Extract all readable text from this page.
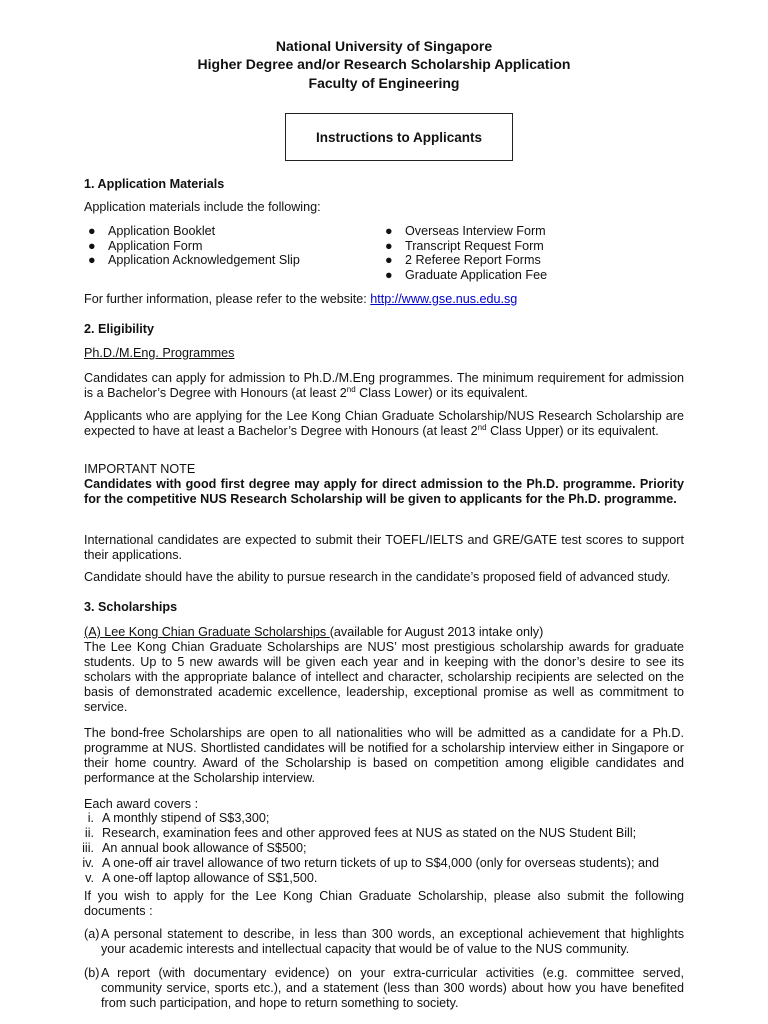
National University of Singapore
Higher Degree and/or Research Scholarship Application
Faculty of Engineering
Instructions to Applicants
1. Application Materials
Application materials include the following:
● Application Booklet
● Application Form
● Application Acknowledgement Slip
● Overseas Interview Form
● Transcript Request Form
● 2 Referee Report Forms
● Graduate Application Fee
For further information, please refer to the website: http://www.gse.nus.edu.sg
2. Eligibility
Ph.D./M.Eng. Programmes
Candidates can apply for admission to Ph.D./M.Eng programmes. The minimum requirement for admission is a Bachelor’s Degree with Honours (at least 2nd Class Lower) or its equivalent.
Applicants who are applying for the Lee Kong Chian Graduate Scholarship/NUS Research Scholarship are expected to have at least a Bachelor’s Degree with Honours (at least 2nd Class Upper) or its equivalent.
IMPORTANT NOTE
Candidates with good first degree may apply for direct admission to the Ph.D. programme. Priority for the competitive NUS Research Scholarship will be given to applicants for the Ph.D. programme.
International candidates are expected to submit their TOEFL/IELTS and GRE/GATE test scores to support their applications.
Candidate should have the ability to pursue research in the candidate’s proposed field of advanced study.
3. Scholarships
(A) Lee Kong Chian Graduate Scholarships (available for August 2013 intake only)
The Lee Kong Chian Graduate Scholarships are NUS’ most prestigious scholarship awards for graduate students. Up to 5 new awards will be given each year and in keeping with the donor’s desire to see its scholars with the appropriate balance of intellect and character, scholarship recipients are selected on the basis of demonstrated academic excellence, leadership, exceptional promise as well as commitment to service.
The bond-free Scholarships are open to all nationalities who will be admitted as a candidate for a Ph.D. programme at NUS. Shortlisted candidates will be notified for a scholarship interview either in Singapore or their home country. Award of the Scholarship is based on competition among eligible candidates and performance at the Scholarship interview.
Each award covers :
i. A monthly stipend of S$3,300;
ii. Research, examination fees and other approved fees at NUS as stated on the NUS Student Bill;
iii. An annual book allowance of S$500;
iv. A one-off air travel allowance of two return tickets of up to S$4,000 (only for overseas students); and
v. A one-off laptop allowance of S$1,500.
If you wish to apply for the Lee Kong Chian Graduate Scholarship, please also submit the following documents :
(a) A personal statement to describe, in less than 300 words, an exceptional achievement that highlights your academic interests and intellectual capacity that would be of value to the NUS community.
(b) A report (with documentary evidence) on your extra-curricular activities (e.g. committee served, community service, sports etc.), and a statement (less than 300 words) about how you have benefited from such participation, and hope to return something to society.
